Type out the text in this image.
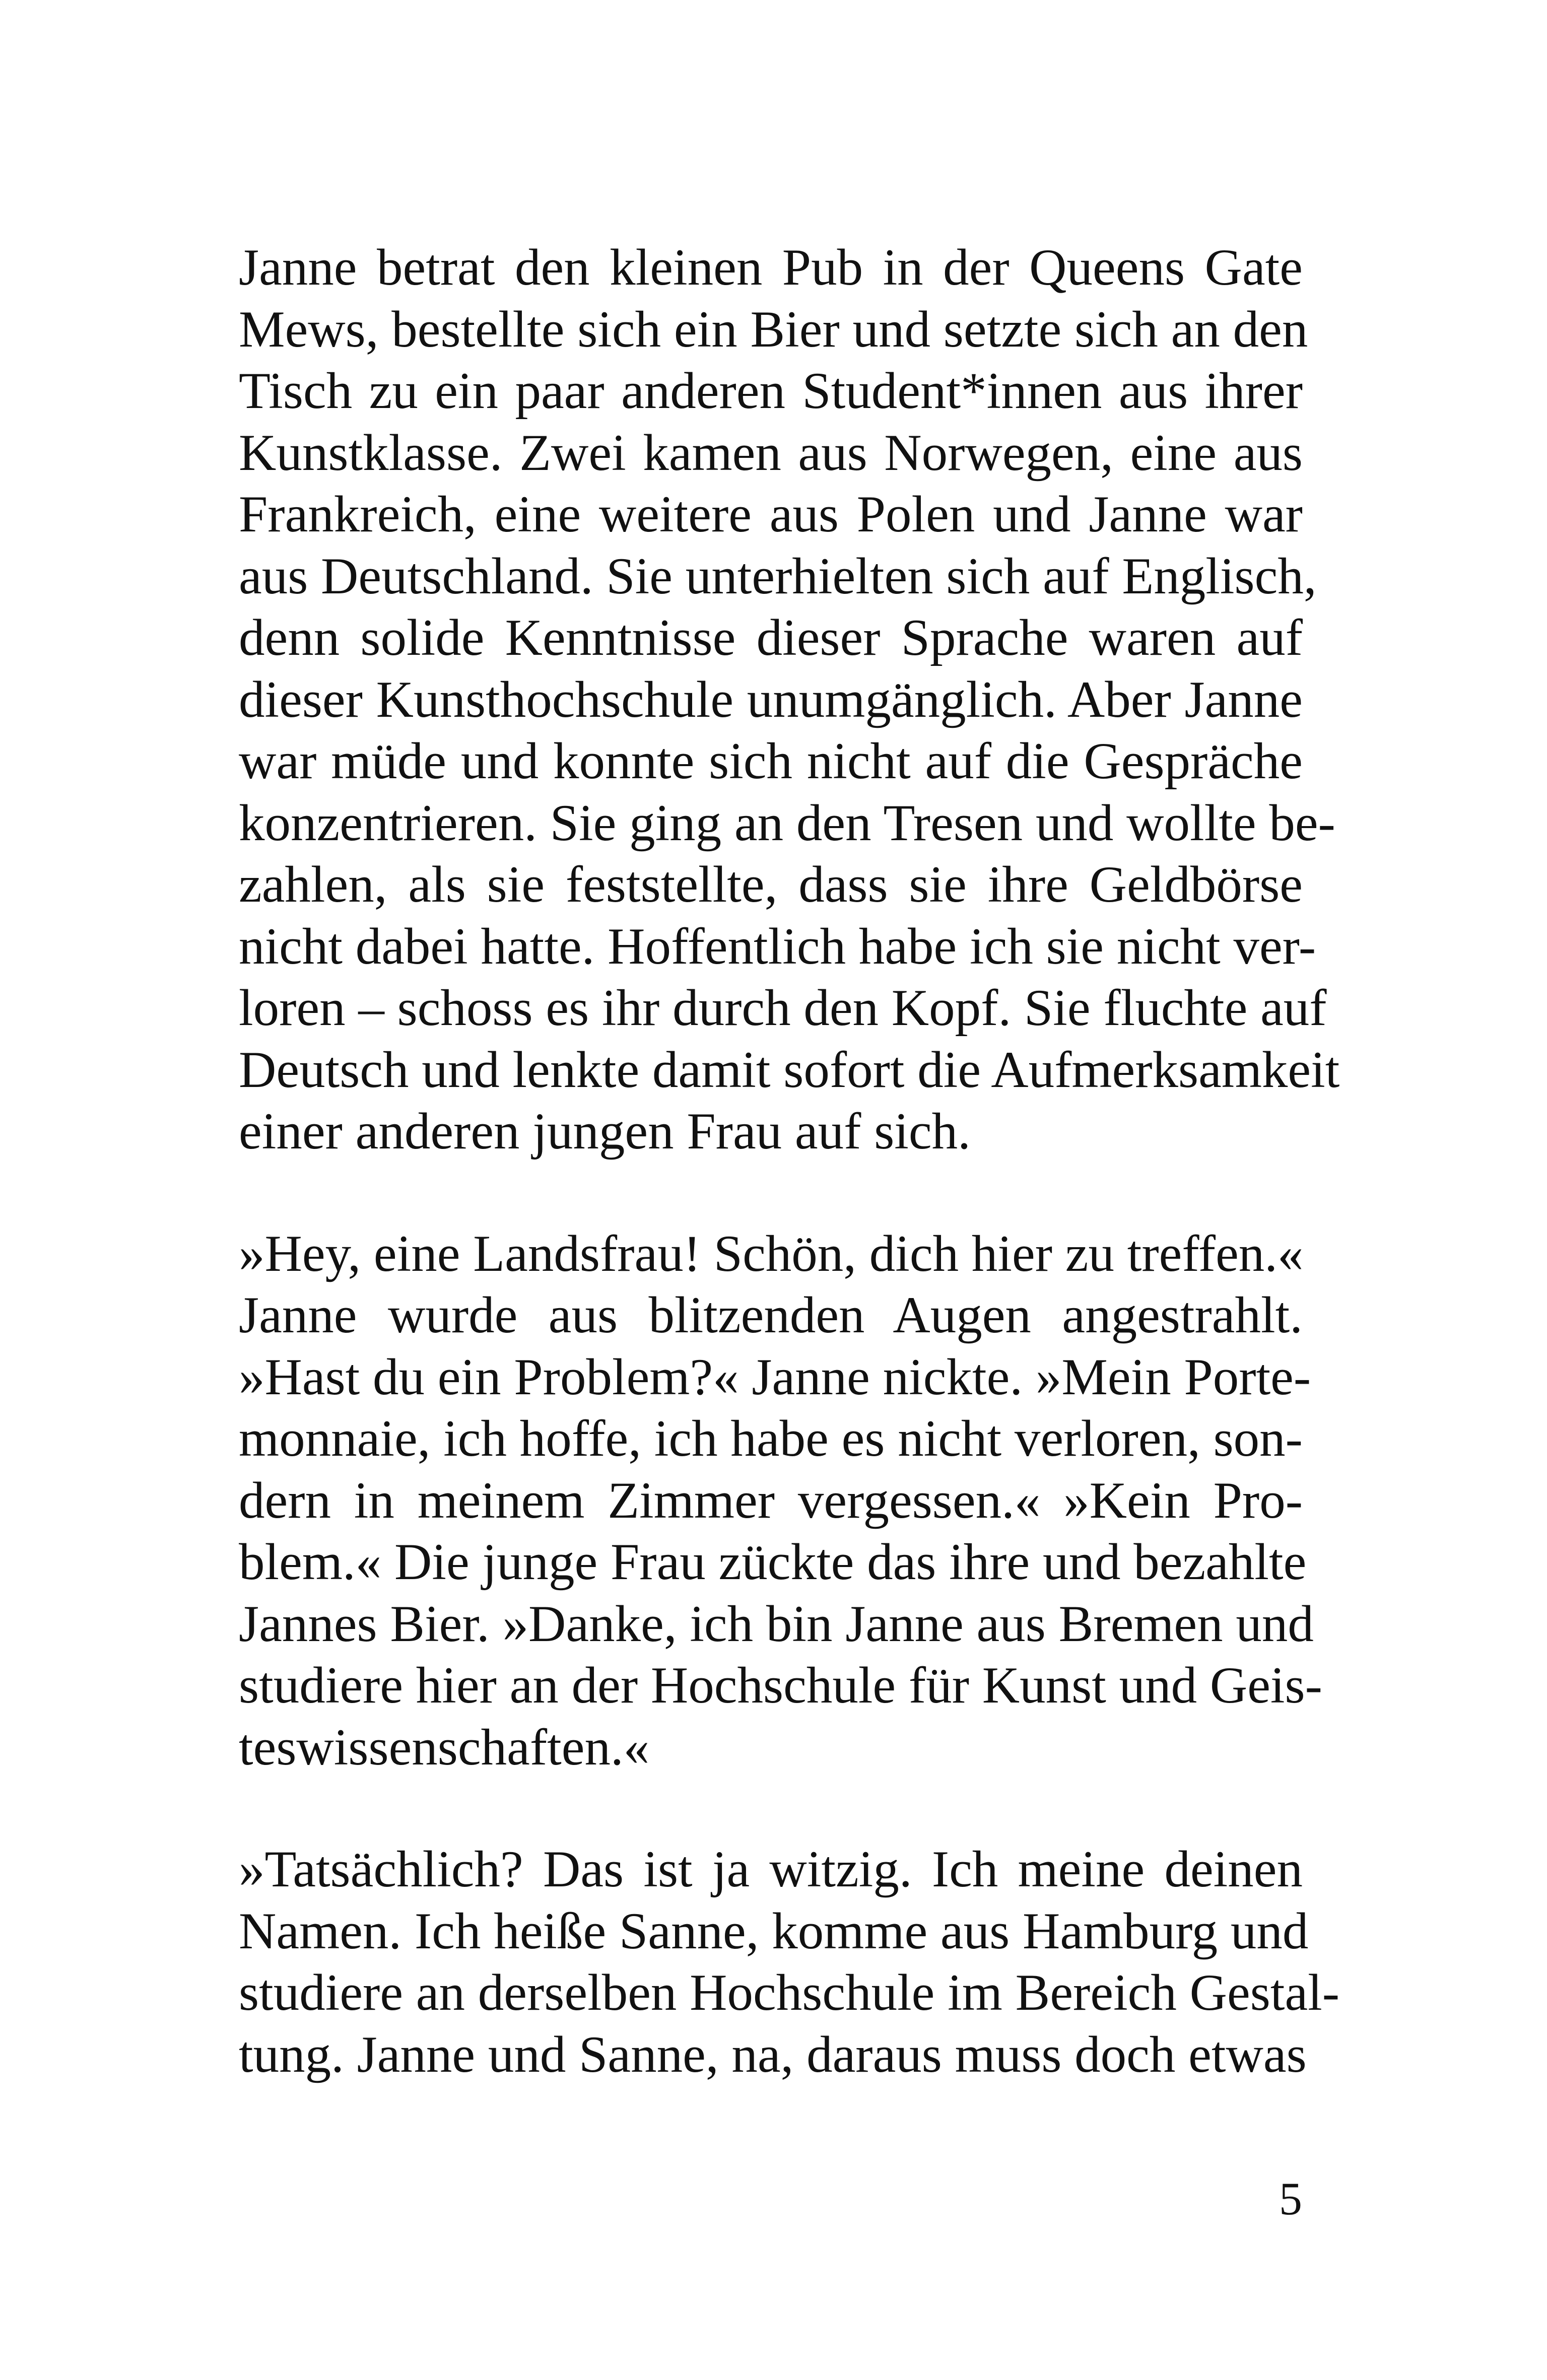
Janne betrat den kleinen Pub in der Queens Gate
Mews, bestellte sich ein Bier und setzte sich an den
Tisch zu ein paar anderen Student*innen aus ihrer
Kunstklasse. Zwei kamen aus Norwegen, eine aus
Frankreich, eine weitere aus Polen und Janne war
aus Deutschland. Sie unterhielten sich auf Englisch,
denn solide Kenntnisse dieser Sprache waren auf
dieser Kunsthochschule unumgänglich. Aber Janne
war müde und konnte sich nicht auf die Gespräche
konzentrieren. Sie ging an den Tresen und wollte be-
zahlen, als sie feststellte, dass sie ihre Geldbörse
nicht dabei hatte. Hoffentlich habe ich sie nicht ver-
loren – schoss es ihr durch den Kopf. Sie fluchte auf
Deutsch und lenkte damit sofort die Aufmerksamkeit
einer anderen jungen Frau auf sich.

»Hey, eine Landsfrau! Schön, dich hier zu treffen.«
Janne wurde aus blitzenden Augen angestrahlt.
»Hast du ein Problem?« Janne nickte. »Mein Porte-
monnaie, ich hoffe, ich habe es nicht verloren, son-
dern in meinem Zimmer vergessen.« »Kein Pro-
blem.« Die junge Frau zückte das ihre und bezahlte
Jannes Bier. »Danke, ich bin Janne aus Bremen und
studiere hier an der Hochschule für Kunst und Geis-
teswissenschaften.«

»Tatsächlich? Das ist ja witzig. Ich meine deinen
Namen. Ich heiße Sanne, komme aus Hamburg und
studiere an derselben Hochschule im Bereich Gestal-
tung. Janne und Sanne, na, daraus muss doch etwas

5
